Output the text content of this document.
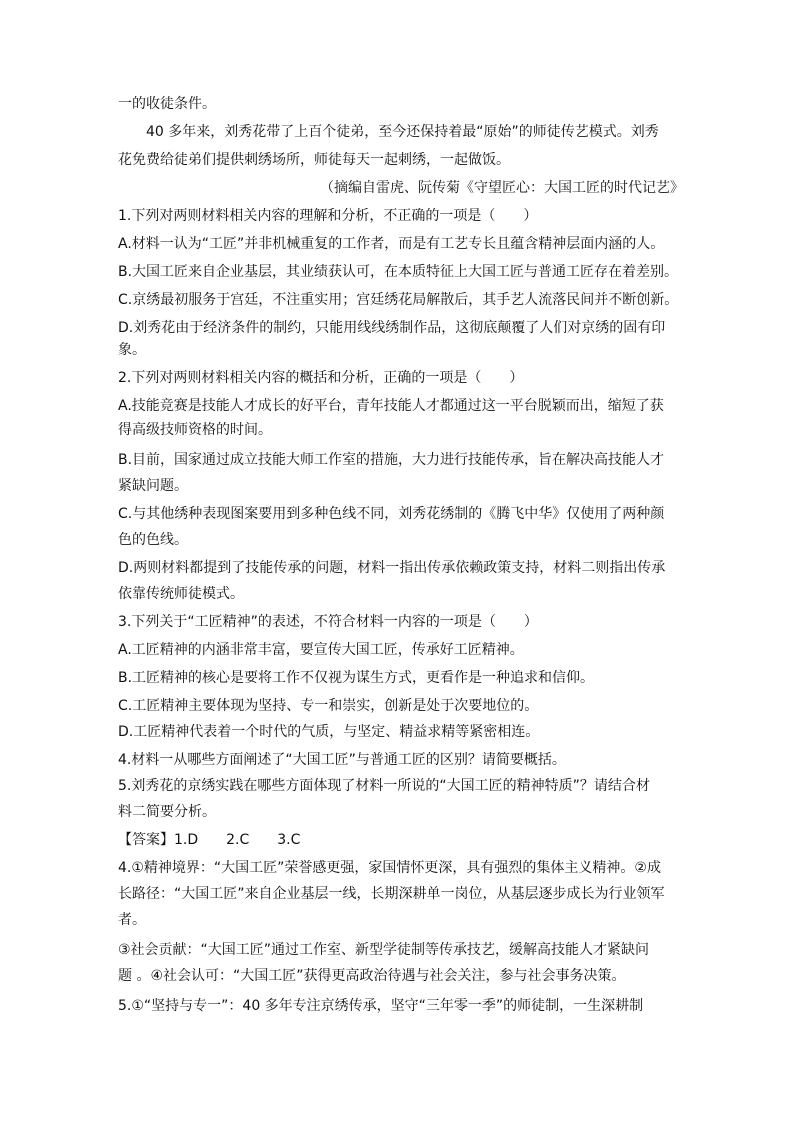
一的收徒条件。
40 多年来，刘秀花带了上百个徒弟，至今还保持着最“原始”的师徒传艺模式。刘秀
花免费给徒弟们提供刺绣场所，师徒每天一起刺绣，一起做饭。
（摘编自雷虎、阮传菊《守望匠心：大国工匠的时代记艺》
1.下列对两则材料相关内容的理解和分析，不正确的一项是（　　）
A.材料一认为“工匠”并非机械重复的工作者，而是有工艺专长且蕴含精神层面内涵的人。
B.大国工匠来自企业基层，其业绩获认可，在本质特征上大国工匠与普通工匠存在着差别。
C.京绣最初服务于宫廷，不注重实用；宫廷绣花局解散后，其手艺人流落民间并不断创新。
D.刘秀花由于经济条件的制约，只能用线线绣制作品，这彻底颠覆了人们对京绣的固有印
象。
2.下列对两则材料相关内容的概括和分析，正确的一项是（　　）
A.技能竞赛是技能人才成长的好平台，青年技能人才都通过这一平台脱颖而出，缩短了获
得高级技师资格的时间。
B.目前，国家通过成立技能大师工作室的措施，大力进行技能传承，旨在解决高技能人才
紧缺问题。
C.与其他绣种表现图案要用到多种色线不同，刘秀花绣制的《腾飞中华》仅使用了两种颜
色的色线。
D.两则材料都提到了技能传承的问题，材料一指出传承依赖政策支持，材料二则指出传承
依靠传统师徒模式。
3.下列关于“工匠精神”的表述，不符合材料一内容的一项是（　　）
A.工匠精神的内涵非常丰富，要宣传大国工匠，传承好工匠精神。
B.工匠精神的核心是要将工作不仅视为谋生方式，更看作是一种追求和信仰。
C.工匠精神主要体现为坚持、专一和崇实，创新是处于次要地位的。
D.工匠精神代表着一个时代的气质，与坚定、精益求精等紧密相连。
4.材料一从哪些方面阐述了“大国工匠”与普通工匠的区别？请简要概括。
5.刘秀花的京绣实践在哪些方面体现了材料一所说的“大国工匠的精神特质”？请结合材
料二简要分析。
【答案】1.D　　2.C　　3.C
4.①精神境界：“大国工匠”荣誉感更强，家国情怀更深，具有强烈的集体主义精神。②成
长路径：“大国工匠”来自企业基层一线，长期深耕单一岗位，从基层逐步成长为行业领军
者。
③社会贡献：“大国工匠”通过工作室、新型学徒制等传承技艺，缓解高技能人才紧缺问
题 。④社会认可：“大国工匠”获得更高政治待遇与社会关注，参与社会事务决策。
5.①“坚持与专一”：40 多年专注京绣传承，坚守“三年零一季”的师徒制，一生深耕制
